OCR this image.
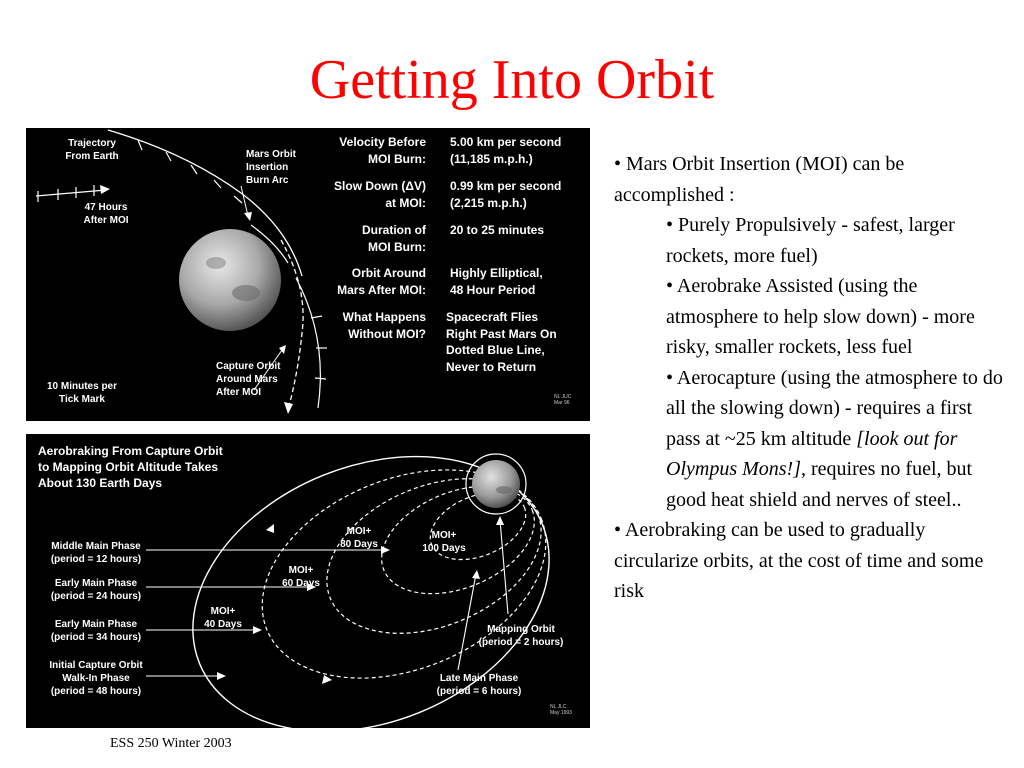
Getting Into Orbit
Trajectory
From Earth
47 Hours
After MOI
Mars Orbit
Insertion
Burn Arc
Capture Orbit
Around Mars
After MOI
10 Minutes per
Tick Mark	NL JUC
Mar 96
Velocity Before
MOI Burn:
5.00 km per second
(11,185 m.p.h.)
Slow Down (ΔV)
at MOI:
0.99 km per second
(2,215 m.p.h.)
Duration of
MOI Burn:
20 to 25 minutes
Orbit Around
Mars After MOI:
Highly Elliptical,
48 Hour Period
What Happens
Without MOI?
Spacecraft Flies
Right Past Mars On
Dotted Blue Line,
Never to Return
Aerobraking From Capture Orbit
to Mapping Orbit Altitude Takes
About 130 Earth Days
Middle Main Phase
(period = 12 hours)
Early Main Phase
(period = 24 hours)
Early Main Phase
(period = 34 hours)
Initial Capture Orbit
Walk-In Phase
(period = 48 hours)
MOI+
80 Days
MOI+
100 Days
MOI+
60 Days
MOI+
40 Days	Mapping Orbit
(period = 2 hours)
Late Main Phase
(period = 6 hours)
NL JLC
May 1993

• Mars Orbit Insertion (MOI) can be accomplished :

• Purely Propulsively - safest, larger rockets, more fuel)

• Aerobrake Assisted (using the atmosphere to help slow down) - more risky, smaller rockets, less fuel

• Aerocapture (using the atmosphere to do all the slowing down) - requires a first pass at ~25 km altitude [look out for Olympus Mons!], requires no fuel, but good heat shield and nerves of steel..

• Aerobraking can be used to gradually circularize orbits, at the cost of time and some risk

ESS 250 Winter 2003
